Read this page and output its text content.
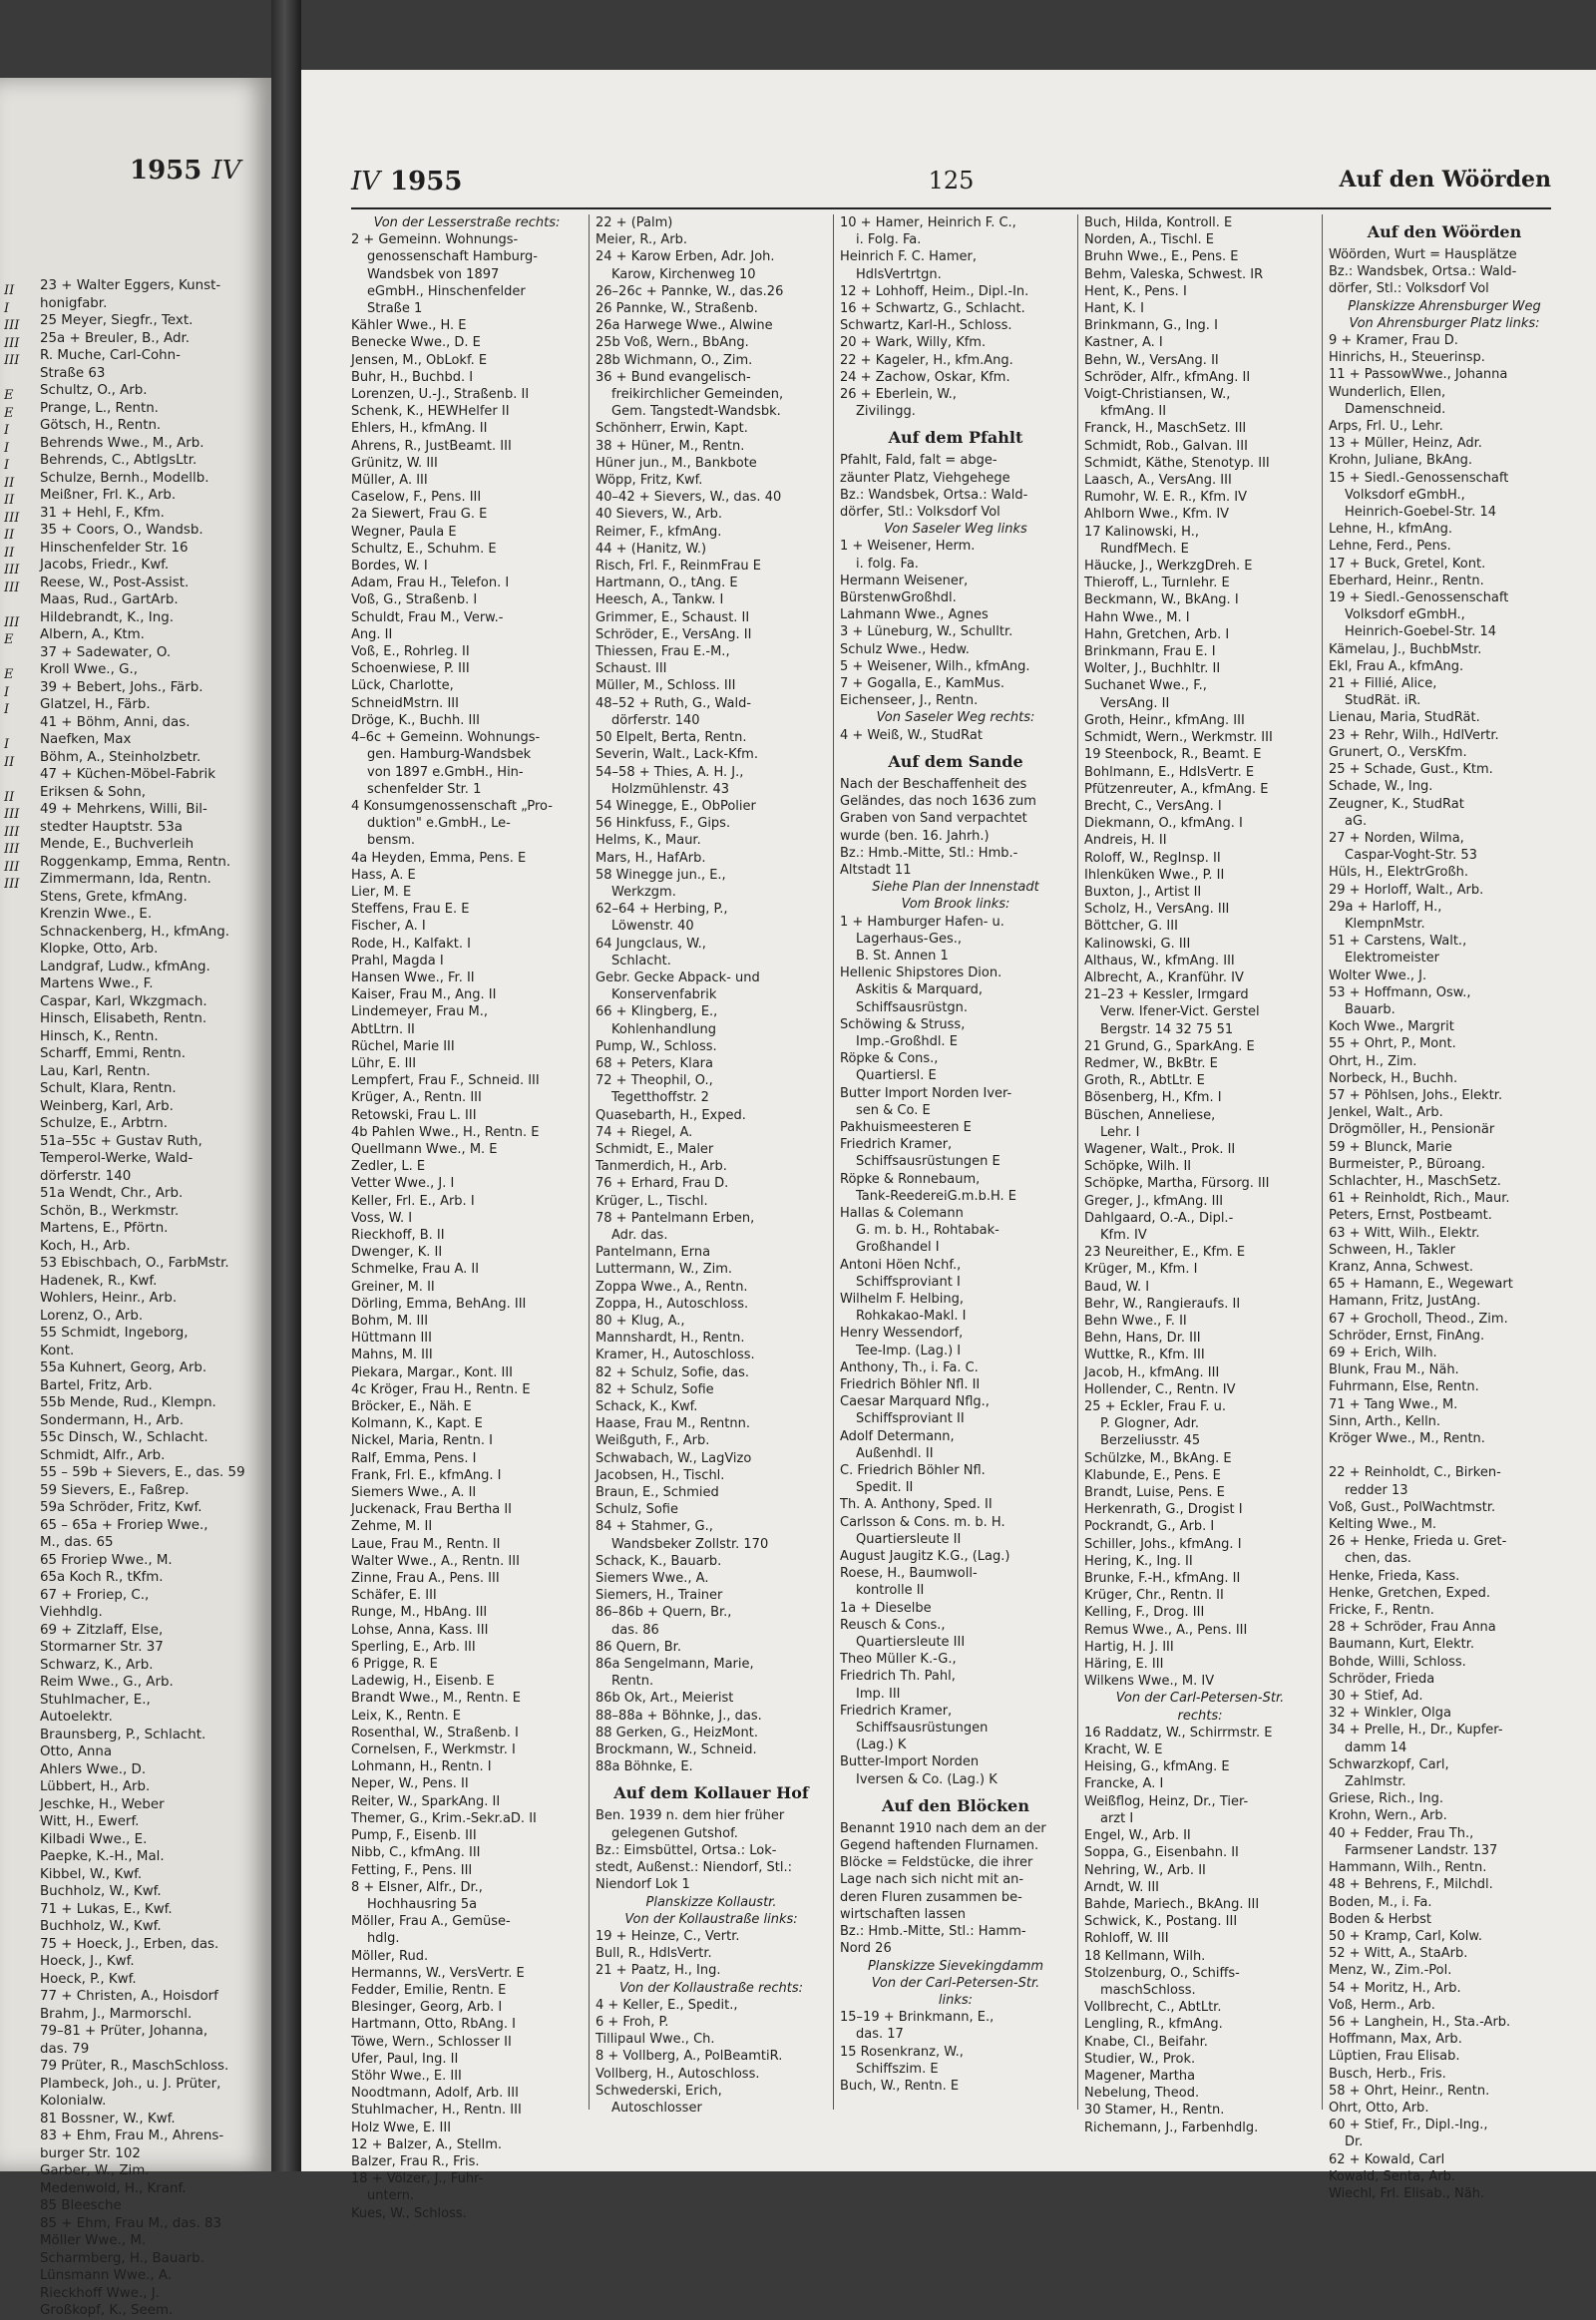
1955 IV
II
I
III
III
III
E
E
I
I
I
II
II
III
II
II
III
III
III
E
E
I
I
I
II
II
III
III
III
III
III
23 + Walter Eggers, Kunst-
honigfabr.
25 Meyer, Siegfr., Text.
25a + Breuler, B., Adr.
R. Muche, Carl-Cohn-
Straße 63
Schultz, O., Arb.
Prange, L., Rentn.
Götsch, H., Rentn.
Behrends Wwe., M., Arb.
Behrends, C., AbtlgsLtr.
Schulze, Bernh., Modellb.
Meißner, Frl. K., Arb.
31 + Hehl, F., Kfm.
35 + Coors, O., Wandsb.
Hinschenfelder Str. 16
Jacobs, Friedr., Kwf.
Reese, W., Post-Assist.
Maas, Rud., GartArb.
Hildebrandt, K., Ing.
Albern, A., Ktm.
37 + Sadewater, O.
Kroll Wwe., G.,
39 + Bebert, Johs., Färb.
Glatzel, H., Färb.
41 + Böhm, Anni, das.
Naefken, Max
Böhm, A., Steinholzbetr.
47 + Küchen-Möbel-Fabrik
Eriksen & Sohn,
49 + Mehrkens, Willi, Bil-
stedter Hauptstr. 53a
Mende, E., Buchverleih
Roggenkamp, Emma, Rentn.
Zimmermann, Ida, Rentn.
Stens, Grete, kfmAng.
Krenzin Wwe., E.
Schnackenberg, H., kfmAng.
Klopke, Otto, Arb.
Landgraf, Ludw., kfmAng.
Martens Wwe., F.
Caspar, Karl, Wkzgmach.
Hinsch, Elisabeth, Rentn.
Hinsch, K., Rentn.
Scharff, Emmi, Rentn.
Lau, Karl, Rentn.
Schult, Klara, Rentn.
Weinberg, Karl, Arb.
Schulze, E., Arbtrn.
51a–55c + Gustav Ruth,
Temperol-Werke, Wald-
dörferstr. 140
51a Wendt, Chr., Arb.
Schön, B., Werkmstr.
Martens, E., Pförtn.
Koch, H., Arb.
53 Ebischbach, O., FarbMstr.
Hadenek, R., Kwf.
Wohlers, Heinr., Arb.
Lorenz, O., Arb.
55 Schmidt, Ingeborg,
Kont.
55a Kuhnert, Georg, Arb.
Bartel, Fritz, Arb.
55b Mende, Rud., Klempn.
Sondermann, H., Arb.
55c Dinsch, W., Schlacht.
Schmidt, Alfr., Arb.
55 – 59b + Sievers, E., das. 59
59 Sievers, E., Faßrep.
59a Schröder, Fritz, Kwf.
65 – 65a + Froriep Wwe.,
M., das. 65
65 Froriep Wwe., M.
65a Koch R., tKfm.
67 + Froriep, C.,
Viehhdlg.
69 + Zitzlaff, Else,
Stormarner Str. 37
Schwarz, K., Arb.
Reim Wwe., G., Arb.
Stuhlmacher, E.,
Autoelektr.
Braunsberg, P., Schlacht.
Otto, Anna
Ahlers Wwe., D.
Lübbert, H., Arb.
Jeschke, H., Weber
Witt, H., Ewerf.
Kilbadi Wwe., E.
Paepke, K.-H., Mal.
Kibbel, W., Kwf.
Buchholz, W., Kwf.
71 + Lukas, E., Kwf.
Buchholz, W., Kwf.
75 + Hoeck, J., Erben, das.
Hoeck, J., Kwf.
Hoeck, P., Kwf.
77 + Christen, A., Hoisdorf
Brahm, J., Marmorschl.
79–81 + Prüter, Johanna,
das. 79
79 Prüter, R., MaschSchloss.
Plambeck, Joh., u. J. Prüter,
Kolonialw.
81 Bossner, W., Kwf.
83 + Ehm, Frau M., Ahrens-
burger Str. 102
Garber, W., Zim.
Medenwold, H., Kranf.
85 Bleesche
85 + Ehm, Frau M., das. 83
Möller Wwe., M.
Scharmberg, H., Bauarb.
Lünsmann Wwe., A.
Rieckhoff Wwe., J.
Großkopf, K., Seem.
IV 1955	125	Auf den Wöörden
Von der Lesserstraße rechts:
2 + Gemeinn. Wohnungs-
genossenschaft Hamburg-
Wandsbek von 1897
eGmbH., Hinschenfelder
Straße 1
Kähler Wwe., H. E
Benecke Wwe., D. E
Jensen, M., ObLokf. E
Buhr, H., Buchbd. I
Lorenzen, U.-J., Straßenb. II
Schenk, K., HEWHelfer II
Ehlers, H., kfmAng. II
Ahrens, R., JustBeamt. III
Grünitz, W. III
Müller, A. III
Caselow, F., Pens. III
2a Siewert, Frau G. E
Wegner, Paula E
Schultz, E., Schuhm. E
Bordes, W. I
Adam, Frau H., Telefon. I
Voß, G., Straßenb. I
Schuldt, Frau M., Verw.-
Ang. II
Voß, E., Rohrleg. II
Schoenwiese, P. III
Lück, Charlotte,
SchneidMstrn. III
Dröge, K., Buchh. III
4–6c + Gemeinn. Wohnungs-
gen. Hamburg-Wandsbek
von 1897 e.GmbH., Hin-
schenfelder Str. 1
4 Konsumgenossenschaft „Pro-
duktion" e.GmbH., Le-
bensm.
4a Heyden, Emma, Pens. E
Hass, A. E
Lier, M. E
Steffens, Frau E. E
Fischer, A. I
Rode, H., Kalfakt. I
Prahl, Magda I
Hansen Wwe., Fr. II
Kaiser, Frau M., Ang. II
Lindemeyer, Frau M.,
AbtLtrn. II
Rüchel, Marie III
Lühr, E. III
Lempfert, Frau F., Schneid. III
Krüger, A., Rentn. III
Retowski, Frau L. III
4b Pahlen Wwe., H., Rentn. E
Quellmann Wwe., M. E
Zedler, L. E
Vetter Wwe., J. I
Keller, Frl. E., Arb. I
Voss, W. I
Rieckhoff, B. II
Dwenger, K. II
Schmelke, Frau A. II
Greiner, M. II
Dörling, Emma, BehAng. III
Bohm, M. III
Hüttmann III
Mahns, M. III
Piekara, Margar., Kont. III
4c Kröger, Frau H., Rentn. E
Bröcker, E., Näh. E
Kolmann, K., Kapt. E
Nickel, Maria, Rentn. I
Ralf, Emma, Pens. I
Frank, Frl. E., kfmAng. I
Siemers Wwe., A. II
Juckenack, Frau Bertha II
Zehme, M. II
Laue, Frau M., Rentn. II
Walter Wwe., A., Rentn. III
Zinne, Frau A., Pens. III
Schäfer, E. III
Runge, M., HbAng. III
Lohse, Anna, Kass. III
Sperling, E., Arb. III
6 Prigge, R. E
Ladewig, H., Eisenb. E
Brandt Wwe., M., Rentn. E
Leix, K., Rentn. E
Rosenthal, W., Straßenb. I
Cornelsen, F., Werkmstr. I
Lohmann, H., Rentn. I
Neper, W., Pens. II
Reiter, W., SparkAng. II
Themer, G., Krim.-Sekr.aD. II
Pump, F., Eisenb. III
Nibb, C., kfmAng. III
Fetting, F., Pens. III
8 + Elsner, Alfr., Dr.,
Hochhausring 5a
Möller, Frau A., Gemüse-
hdlg.
Möller, Rud.
Hermanns, W., VersVertr. E
Fedder, Emilie, Rentn. E
Blesinger, Georg, Arb. I
Hartmann, Otto, RbAng. I
Töwe, Wern., Schlosser II
Ufer, Paul, Ing. II
Stöhr Wwe., E. III
Noodtmann, Adolf, Arb. III
Stuhlmacher, H., Rentn. III
Holz Wwe, E. III
12 + Balzer, A., Stellm.
Balzer, Frau R., Fris.
18 + Völzer, J., Fuhr-
untern.
Kues, W., Schloss.
22 + (Palm)
Meier, R., Arb.
24 + Karow Erben, Adr. Joh.
Karow, Kirchenweg 10
26–26c + Pannke, W., das.26
26 Pannke, W., Straßenb.
26a Harwege Wwe., Alwine
25b Voß, Wern., BbAng.
28b Wichmann, O., Zim.
36 + Bund evangelisch-
freikirchlicher Gemeinden,
Gem. Tangstedt-Wandsbk.
Schönherr, Erwin, Kapt.
38 + Hüner, M., Rentn.
Hüner jun., M., Bankbote
Wöpp, Fritz, Kwf.
40–42 + Sievers, W., das. 40
40 Sievers, W., Arb.
Reimer, F., kfmAng.
44 + (Hanitz, W.)
Risch, Frl. F., ReinmFrau E
Hartmann, O., tAng. E
Heesch, A., Tankw. I
Grimmer, E., Schaust. II
Schröder, E., VersAng. II
Thiessen, Frau E.-M.,
Schaust. III
Müller, M., Schloss. III
48–52 + Ruth, G., Wald-
dörferstr. 140
50 Elpelt, Berta, Rentn.
Severin, Walt., Lack-Kfm.
54–58 + Thies, A. H. J.,
Holzmühlenstr. 43
54 Winegge, E., ObPolier
56 Hinkfuss, F., Gips.
Helms, K., Maur.
Mars, H., HafArb.
58 Winegge jun., E.,
Werkzgm.
62–64 + Herbing, P.,
Löwenstr. 40
64 Jungclaus, W.,
Schlacht.
Gebr. Gecke Abpack- und
Konservenfabrik
66 + Klingberg, E.,
Kohlenhandlung
Pump, W., Schloss.
68 + Peters, Klara
72 + Theophil, O.,
Tegetthoffstr. 2
Quasebarth, H., Exped.
74 + Riegel, A.
Schmidt, E., Maler
Tanmerdich, H., Arb.
76 + Erhard, Frau D.
Krüger, L., Tischl.
78 + Pantelmann Erben,
Adr. das.
Pantelmann, Erna
Luttermann, W., Zim.
Zoppa Wwe., A., Rentn.
Zoppa, H., Autoschloss.
80 + Klug, A.,
Mannshardt, H., Rentn.
Kramer, H., Autoschloss.
82 + Schulz, Sofie, das.
82 + Schulz, Sofie
Schack, K., Kwf.
Haase, Frau M., Rentnn.
Weißguth, F., Arb.
Schwabach, W., LagVizo
Jacobsen, H., Tischl.
Braun, E., Schmied
Schulz, Sofie
84 + Stahmer, G.,
Wandsbeker Zollstr. 170
Schack, K., Bauarb.
Siemers Wwe., A.
Siemers, H., Trainer
86–86b + Quern, Br.,
das. 86
86 Quern, Br.
86a Sengelmann, Marie,
Rentn.
86b Ok, Art., Meierist
88–88a + Böhnke, J., das.
88 Gerken, G., HeizMont.
Brockmann, W., Schneid.
88a Böhnke, E.
Auf dem Kollauer Hof
Ben. 1939 n. dem hier früher
gelegenen Gutshof.
Bz.: Eimsbüttel, Ortsa.: Lok-
stedt, Außenst.: Niendorf, Stl.:
Niendorf Lok 1
Planskizze Kollaustr.
Von der Kollaustraße links:
19 + Heinze, C., Vertr.
Bull, R., HdlsVertr.
21 + Paatz, H., Ing.
Von der Kollaustraße rechts:
4 + Keller, E., Spedit.,
6 + Froh, P.
Tillipaul Wwe., Ch.
8 + Vollberg, A., PolBeamtiR.
Vollberg, H., Autoschloss.
Schwederski, Erich,
Autoschlosser
10 + Hamer, Heinrich F. C.,
i. Folg. Fa.
Heinrich F. C. Hamer,
HdlsVertrtgn.
12 + Lohhoff, Heim., Dipl.-In.
16 + Schwartz, G., Schlacht.
Schwartz, Karl-H., Schloss.
20 + Wark, Willy, Kfm.
22 + Kageler, H., kfm.Ang.
24 + Zachow, Oskar, Kfm.
26 + Eberlein, W.,
Zivilingg.
Auf dem Pfahlt
Pfahlt, Fald, falt = abge-
zäunter Platz, Viehgehege
Bz.: Wandsbek, Ortsa.: Wald-
dörfer, Stl.: Volksdorf Vol
Von Saseler Weg links
1 + Weisener, Herm.
i. folg. Fa.
Hermann Weisener,
BürstenwGroßhdl.
Lahmann Wwe., Agnes
3 + Lüneburg, W., Schulltr.
Schulz Wwe., Hedw.
5 + Weisener, Wilh., kfmAng.
7 + Gogalla, E., KamMus.
Eichenseer, J., Rentn.
Von Saseler Weg rechts:
4 + Weiß, W., StudRat
Auf dem Sande
Nach der Beschaffenheit des
Geländes, das noch 1636 zum
Graben von Sand verpachtet
wurde (ben. 16. Jahrh.)
Bz.: Hmb.-Mitte, Stl.: Hmb.-
Altstadt 11
Siehe Plan der Innenstadt
Vom Brook links:
1 + Hamburger Hafen- u.
Lagerhaus-Ges.,
B. St. Annen 1
Hellenic Shipstores Dion.
Askitis & Marquard,
Schiffsausrüstgn.
Schöwing & Struss,
Imp.-Großhdl. E
Röpke & Cons.,
Quartiersl. E
Butter Import Norden Iver-
sen & Co. E
Pakhuismeesteren E
Friedrich Kramer,
Schiffsausrüstungen E
Röpke & Ronnebaum,
Tank-ReedereiG.m.b.H. E
Hallas & Colemann
G. m. b. H., Rohtabak-
Großhandel I
Antoni Höen Nchf.,
Schiffsproviant I
Wilhelm F. Helbing,
Rohkakao-Makl. I
Henry Wessendorf,
Tee-Imp. (Lag.) I
Anthony, Th., i. Fa. C.
Friedrich Böhler Nfl. II
Caesar Marquard Nflg.,
Schiffsproviant II
Adolf Determann,
Außenhdl. II
C. Friedrich Böhler Nfl.
Spedit. II
Th. A. Anthony, Sped. II
Carlsson & Cons. m. b. H.
Quartiersleute II
August Jaugitz K.G., (Lag.)
Roese, H., Baumwoll-
kontrolle II
1a + Dieselbe
Reusch & Cons.,
Quartiersleute III
Theo Müller K.-G.,
Friedrich Th. Pahl,
Imp. III
Friedrich Kramer,
Schiffsausrüstungen
(Lag.) K
Butter-Import Norden
Iversen & Co. (Lag.) K
Auf den Blöcken
Benannt 1910 nach dem an der
Gegend haftenden Flurnamen.
Blöcke = Feldstücke, die ihrer
Lage nach sich nicht mit an-
deren Fluren zusammen be-
wirtschaften lassen
Bz.: Hmb.-Mitte, Stl.: Hamm-
Nord 26
Planskizze Sievekingdamm
Von der Carl-Petersen-Str.
links:
15–19 + Brinkmann, E.,
das. 17
15 Rosenkranz, W.,
Schiffszim. E
Buch, W., Rentn. E
Buch, Hilda, Kontroll. E
Norden, A., Tischl. E
Bruhn Wwe., E., Pens. E
Behm, Valeska, Schwest. IR
Hent, K., Pens. I
Hant, K. I
Brinkmann, G., Ing. I
Kastner, A. I
Behn, W., VersAng. II
Schröder, Alfr., kfmAng. II
Voigt-Christiansen, W.,
kfmAng. II
Franck, H., MaschSetz. III
Schmidt, Rob., Galvan. III
Schmidt, Käthe, Stenotyp. III
Laasch, A., VersAng. III
Rumohr, W. E. R., Kfm. IV
Ahlborn Wwe., Kfm. IV
17 Kalinowski, H.,
RundfMech. E
Häucke, J., WerkzgDreh. E
Thieroff, L., Turnlehr. E
Beckmann, W., BkAng. I
Hahn Wwe., M. I
Hahn, Gretchen, Arb. I
Brinkmann, Frau E. I
Wolter, J., Buchhltr. II
Suchanet Wwe., F.,
VersAng. II
Groth, Heinr., kfmAng. III
Schmidt, Wern., Werkmstr. III
19 Steenbock, R., Beamt. E
Bohlmann, E., HdlsVertr. E
Pfützenreuter, A., kfmAng. E
Brecht, C., VersAng. I
Diekmann, O., kfmAng. I
Andreis, H. II
Roloff, W., RegInsp. II
Ihlenküken Wwe., P. II
Buxton, J., Artist II
Scholz, H., VersAng. III
Böttcher, G. III
Kalinowski, G. III
Althaus, W., kfmAng. III
Albrecht, A., Kranführ. IV
21–23 + Kessler, Irmgard
Verw. Ifener-Vict. Gerstel
Bergstr. 14 32 75 51
21 Grund, G., SparkAng. E
Redmer, W., BkBtr. E
Groth, R., AbtLtr. E
Bösenberg, H., Kfm. I
Büschen, Anneliese,
Lehr. I
Wagener, Walt., Prok. II
Schöpke, Wilh. II
Schöpke, Martha, Fürsorg. III
Greger, J., kfmAng. III
Dahlgaard, O.-A., Dipl.-
Kfm. IV
23 Neureither, E., Kfm. E
Krüger, M., Kfm. I
Baud, W. I
Behr, W., Rangieraufs. II
Behn Wwe., F. II
Behn, Hans, Dr. III
Wuttke, R., Kfm. III
Jacob, H., kfmAng. III
Hollender, C., Rentn. IV
25 + Eckler, Frau F. u.
P. Glogner, Adr.
Berzeliusstr. 45
Schülzke, M., BkAng. E
Klabunde, E., Pens. E
Brandt, Luise, Pens. E
Herkenrath, G., Drogist I
Pockrandt, G., Arb. I
Schiller, Johs., kfmAng. I
Hering, K., Ing. II
Brunke, F.-H., kfmAng. II
Krüger, Chr., Rentn. II
Kelling, F., Drog. III
Remus Wwe., A., Pens. III
Hartig, H. J. III
Häring, E. III
Wilkens Wwe., M. IV
Von der Carl-Petersen-Str.
rechts:
16 Raddatz, W., Schirrmstr. E
Kracht, W. E
Heising, G., kfmAng. E
Francke, A. I
Weißflog, Heinz, Dr., Tier-
arzt I
Engel, W., Arb. II
Soppa, G., Eisenbahn. II
Nehring, W., Arb. II
Arndt, W. III
Bahde, Mariech., BkAng. III
Schwick, K., Postang. III
Rohloff, W. III
18 Kellmann, Wilh.
Stolzenburg, O., Schiffs-
maschSchloss.
Vollbrecht, C., AbtLtr.
Lengling, R., kfmAng.
Knabe, Cl., Beifahr.
Studier, W., Prok.
Magener, Martha
Nebelung, Theod.
30 Stamer, H., Rentn.
Richemann, J., Farbenhdlg.
Auf den Wöörden
Wöörden, Wurt = Hausplätze
Bz.: Wandsbek, Ortsa.: Wald-
dörfer, Stl.: Volksdorf Vol
Planskizze Ahrensburger Weg
Von Ahrensburger Platz links:
9 + Kramer, Frau D.
Hinrichs, H., Steuerinsp.
11 + PassowWwe., Johanna
Wunderlich, Ellen,
Damenschneid.
Arps, Frl. U., Lehr.
13 + Müller, Heinz, Adr.
Krohn, Juliane, BkAng.
15 + Siedl.-Genossenschaft
Volksdorf eGmbH.,
Heinrich-Goebel-Str. 14
Lehne, H., kfmAng.
Lehne, Ferd., Pens.
17 + Buck, Gretel, Kont.
Eberhard, Heinr., Rentn.
19 + Siedl.-Genossenschaft
Volksdorf eGmbH.,
Heinrich-Goebel-Str. 14
Kämelau, J., BuchbMstr.
Ekl, Frau A., kfmAng.
21 + Fillié, Alice,
StudRät. iR.
Lienau, Maria, StudRät.
23 + Rehr, Wilh., HdlVertr.
Grunert, O., VersKfm.
25 + Schade, Gust., Ktm.
Schade, W., Ing.
Zeugner, K., StudRat
aG.
27 + Norden, Wilma,
Caspar-Voght-Str. 53
Hüls, H., ElektrGroßh.
29 + Horloff, Walt., Arb.
29a + Harloff, H.,
KlempnMstr.
51 + Carstens, Walt.,
Elektromeister
Wolter Wwe., J.
53 + Hoffmann, Osw.,
Bauarb.
Koch Wwe., Margrit
55 + Ohrt, P., Mont.
Ohrt, H., Zim.
Norbeck, H., Buchh.
57 + Pöhlsen, Johs., Elektr.
Jenkel, Walt., Arb.
Drögmöller, H., Pensionär
59 + Blunck, Marie
Burmeister, P., Büroang.
Schlachter, H., MaschSetz.
61 + Reinholdt, Rich., Maur.
Peters, Ernst, Postbeamt.
63 + Witt, Wilh., Elektr.
Schween, H., Takler
Kranz, Anna, Schwest.
65 + Hamann, E., Wegewart
Hamann, Fritz, JustAng.
67 + Grocholl, Theod., Zim.
Schröder, Ernst, FinAng.
69 + Erich, Wilh.
Blunk, Frau M., Näh.
Fuhrmann, Else, Rentn.
71 + Tang Wwe., M.
Sinn, Arth., Kelln.
Kröger Wwe., M., Rentn.

22 + Reinholdt, C., Birken-
redder 13
Voß, Gust., PolWachtmstr.
Kelting Wwe., M.
26 + Henke, Frieda u. Gret-
chen, das.
Henke, Frieda, Kass.
Henke, Gretchen, Exped.
Fricke, F., Rentn.
28 + Schröder, Frau Anna
Baumann, Kurt, Elektr.
Bohde, Willi, Schloss.
Schröder, Frieda
30 + Stief, Ad.
32 + Winkler, Olga
34 + Prelle, H., Dr., Kupfer-
damm 14
Schwarzkopf, Carl,
Zahlmstr.
Griese, Rich., Ing.
Krohn, Wern., Arb.
40 + Fedder, Frau Th.,
Farmsener Landstr. 137
Hammann, Wilh., Rentn.
48 + Behrens, F., Milchdl.
Boden, M., i. Fa.
Boden & Herbst
50 + Kramp, Carl, Kolw.
52 + Witt, A., StaArb.
Menz, W., Zim.-Pol.
54 + Moritz, H., Arb.
Voß, Herm., Arb.
56 + Langhein, H., Sta.-Arb.
Hoffmann, Max, Arb.
Lüptien, Frau Elisab.
Busch, Herb., Fris.
58 + Ohrt, Heinr., Rentn.
Ohrt, Otto, Arb.
60 + Stief, Fr., Dipl.-Ing.,
Dr.
62 + Kowald, Carl
Kowald, Senta, Arb.
Wiechl, Frl. Elisab., Näh.
